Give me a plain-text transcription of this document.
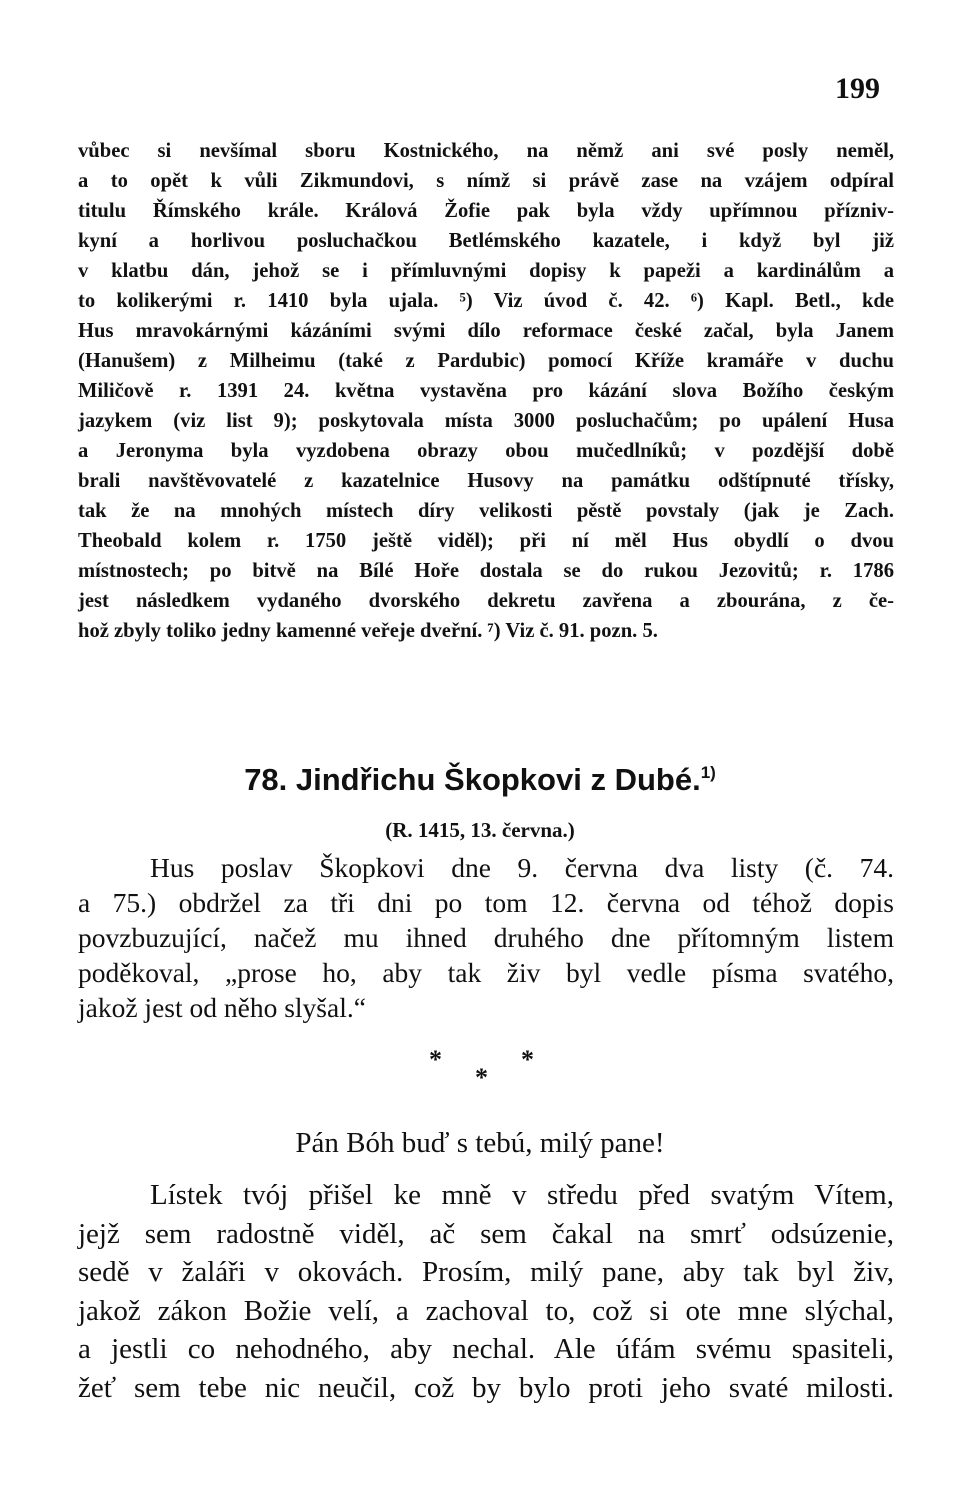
199
vůbec si nevšímal sboru Kostnického, na němž ani své posly neměl,
a to opět k vůli Zikmundovi, s nímž si právě zase na vzájem odpíral
titulu Římského krále. Králová Žofie pak byla vždy upřímnou přízniv-
kyní a horlivou posluchačkou Betlémského kazatele, i když byl již
v klatbu dán, jehož se i přímluvnými dopisy k papeži a kardinálům a
to kolikerými r. 1410 byla ujala. ⁵) Viz úvod č. 42. ⁶) Kapl. Betl., kde
Hus mravokárnými kázáními svými dílo reformace české začal, byla Janem
(Hanušem) z Milheimu (také z Pardubic) pomocí Kříže kramáře v duchu
Miličově r. 1391 24. května vystavěna pro kázání slova Božího českým
jazykem (viz list 9); poskytovala místa 3000 posluchačům; po upálení Husa
a Jeronyma byla vyzdobena obrazy obou mučedlníků; v pozdější době
brali navštěvovatelé z kazatelnice Husovy na památku odštípnuté třísky,
tak že na mnohých místech díry velikosti pěstě povstaly (jak je Zach.
Theobald kolem r. 1750 ještě viděl); při ní měl Hus obydlí o dvou
místnostech; po bitvě na Bílé Hoře dostala se do rukou Jezovitů; r. 1786
jest následkem vydaného dvorského dekretu zavřena a zbourána, z če-
hož zbyly toliko jedny kamenné veřeje dveřní. ⁷) Viz č. 91. pozn. 5.
78. Jindřichu Škopkovi z Dubé.$^{1)}$
(R. 1415, 13. června.)
Hus poslav Škopkovi dne 9. června dva listy (č. 74.
a 75.) obdržel za tři dni po tom 12. června od téhož dopis
povzbuzující, načež mu ihned druhého dne přítomným listem
poděkoval, „prose ho, aby tak živ byl vedle písma svatého,
jakož jest od něho slyšal.“
*	*
*
Pán Bóh buď s tebú, milý pane!
Lístek tvój přišel ke mně v středu před svatým Vítem,
jejž sem radostně viděl, ač sem čakal na smrť odsúzenie,
sedě v žaláři v okovách. Prosím, milý pane, aby tak byl živ,
jakož zákon Božie velí, a zachoval to, což si ote mne slýchal,
a jestli co nehodného, aby nechal. Ale úfám svému spasiteli,
žeť sem tebe nic neučil, což by bylo proti jeho svaté milosti.
